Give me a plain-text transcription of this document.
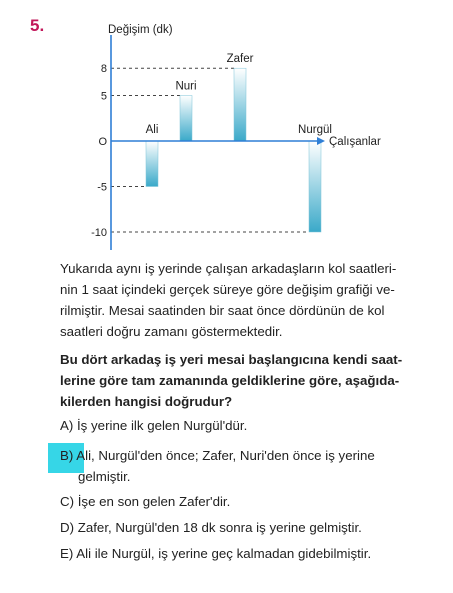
5.
8
5
O
-5
-10
Ali
Nuri
Zafer
Nurgül
Değişim (dk)
Çalışanlar
Yukarıda aynı iş yerinde çalışan arkadaşların kol saatleri-
nin 1 saat içindeki gerçek süreye göre değişim grafiği ve-
rilmiştir. Mesai saatinden bir saat önce dördünün de kol
saatleri doğru zamanı göstermektedir.
Bu dört arkadaş iş yeri mesai başlangıcına kendi saat-
lerine göre tam zamanında geldiklerine göre, aşağıda-
kilerden hangisi doğrudur?
A) İş yerine ilk gelen Nurgül'dür.
B) Ali, Nurgül'den önce; Zafer, Nuri'den önce iş yerine
gelmiştir.
C) İşe en son gelen Zafer'dir.
D) Zafer, Nurgül'den 18 dk sonra iş yerine gelmiştir.
E) Ali ile Nurgül, iş yerine geç kalmadan gidebilmiştir.
